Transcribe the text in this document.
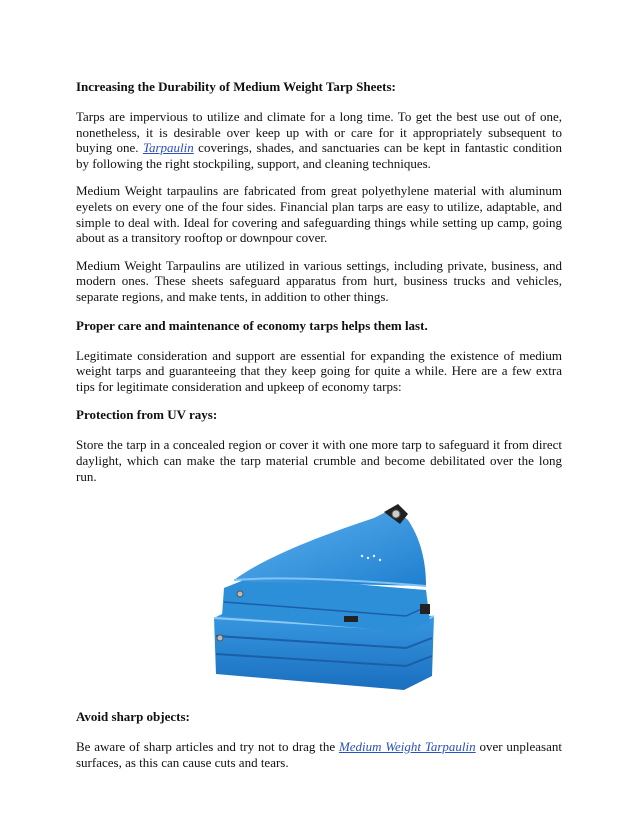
Increasing the Durability of Medium Weight Tarp Sheets:

Tarps are impervious to utilize and climate for a long time. To get the best use out of one, nonetheless, it is desirable over keep up with or care for it appropriately subsequent to buying one. Tarpaulin coverings, shades, and sanctuaries can be kept in fantastic condition by following the right stockpiling, support, and cleaning techniques.

Medium Weight tarpaulins are fabricated from great polyethylene material with aluminum eyelets on every one of the four sides. Financial plan tarps are easy to utilize, adaptable, and simple to deal with. Ideal for covering and safeguarding things while setting up camp, going about as a transitory rooftop or downpour cover.

Medium Weight Tarpaulins are utilized in various settings, including private, business, and modern ones. These sheets safeguard apparatus from hurt, business trucks and vehicles, separate regions, and make tents, in addition to other things.

Proper care and maintenance of economy tarps helps them last.

Legitimate consideration and support are essential for expanding the existence of medium weight tarps and guaranteeing that they keep going for quite a while. Here are a few extra tips for legitimate consideration and upkeep of economy tarps:

Protection from UV rays:

Store the tarp in a concealed region or cover it with one more tarp to safeguard it from direct daylight, which can make the tarp material crumble and become debilitated over the long run.

Avoid sharp objects:

Be aware of sharp articles and try not to drag the Medium Weight Tarpaulin over unpleasant surfaces, as this can cause cuts and tears.
